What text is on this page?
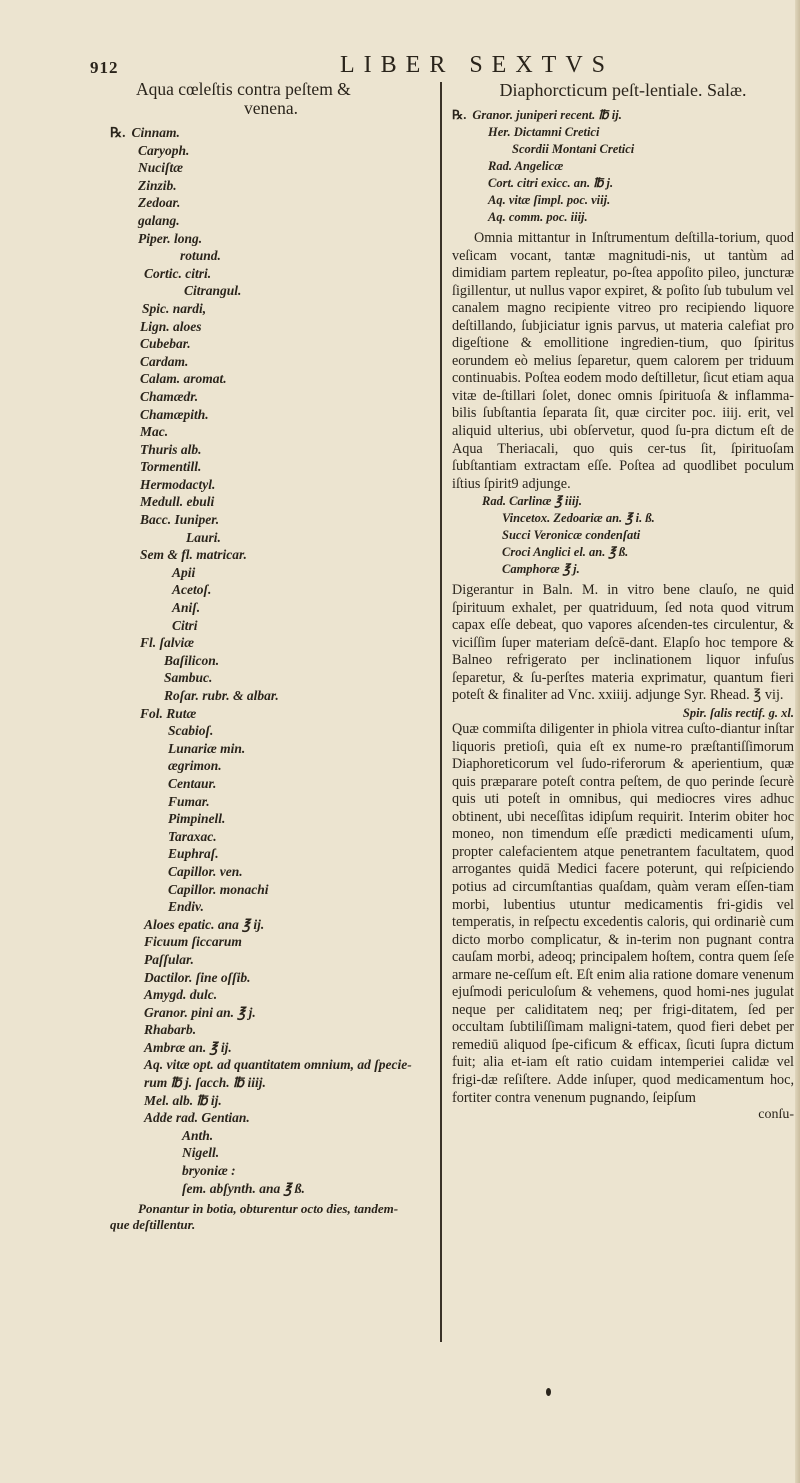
912	LIBER SEXTVS
Aqua cœleſtis contra peſtem &
venena.
℞. Cinnam.
Caryoph.
Nuciſtæ
Zinzib.
Zedoar.
galang.
Piper. long.
rotund.
Cortic. citri.
Citrangul.
Spic. nardi,
Lign. aloes
Cubebar.
Cardam.
Calam. aromat.
Chamædr.
Chamæpith.
Mac.
Thuris alb.
Tormentill.
Hermodactyl.
Medull. ebuli
Bacc. Iuniper.
Lauri.
Sem & fl. matricar.
Apii
Acetoſ.
Aniſ.
Citri
Fl. ſalviæ
Baſilicon.
Sambuc.
Roſar. rubr. & albar.
Fol. Rutæ
Scabioſ.
Lunariæ min.
ægrimon.
Centaur.
Fumar.
Pimpinell.
Taraxac.
Euphraſ.
Capillor. ven.
Capillor. monachi
Endiv.
Aloes epatic. ana ℥ ij.
Ficuum ſiccarum
Paſſular.
Dactilor. ſine oſſib.
Amygd. dulc.
Granor. pini an. ℥ j.
Rhabarb.
Ambræ an. ℥ ij.
Aq. vitæ opt. ad quantitatem omnium, ad ſpecie-
rum ℔ j. ſacch. ℔ iiij.
Mel. alb. ℔ ij.
Adde rad. Gentian.
Anth.
Nigell.
bryoniæ :
ſem. abſynth. ana ℥ ß.

Ponantur in botia, obturentur octo dies, tandem-
que deſtillentur.

Diaphorcticum peſt-lentiale. Salæ.

℞. Granor. juniperi recent. ℔ ij.
Her. Dictamni Cretici
Scordii Montani Cretici
Rad. Angelicæ
Cort. citri exicc. an. ℔ j.
Aq. vitæ ſimpl. poc. viij.
Aq. comm. poc. iiij.

Omnia mittantur in Inſtrumentum deſtilla-torium, quod veſicam vocant, tantæ magnitudi-nis, ut tantùm ad dimidiam partem repleatur, po-ſtea appoſito pileo, juncturæ ſigillentur, ut nullus vapor expiret, & poſito ſub tubulum vel canalem magno recipiente vitreo pro recipiendo liquore deſtillando, ſubjiciatur ignis parvus, ut materia calefiat pro digeſtione & emollitione ingredien-tium, quo ſpiritus eorundem eò melius ſeparetur, quem calorem per triduum continuabis. Poſtea eodem modo deſtilletur, ſicut etiam aqua vitæ de-ſtillari ſolet, donec omnis ſpirituoſa & inflamma-bilis ſubſtantia ſeparata ſit, quæ circiter poc. iiij. erit, vel aliquid ulterius, ubi obſervetur, quod ſu-pra dictum eſt de Aqua Theriacali, quo quis cer-tus ſit, ſpirituoſam ſubſtantiam extractam eſſe. Poſtea ad quodlibet poculum iſtius ſpirit9 adjunge.

Rad. Carlinæ ℥ iiij.
Vincetox. Zedoariæ an. ℥ i. ß.
Succi Veronicæ condenſati
Croci Anglici el. an. ℥ ß.
Camphoræ ℥ j.

Digerantur in Baln. M. in vitro bene clauſo, ne quid ſpirituum exhalet, per quatriduum, ſed nota quod vitrum capax eſſe debeat, quo vapores aſcenden-tes circulentur, & viciſſim ſuper materiam deſcē-dant. Elapſo hoc tempore & Balneo refrigerato per inclinationem liquor infuſus ſeparetur, & ſu-perſtes materia exprimatur, quantum fieri poteſt & finaliter ad Vnc. xxiiij. adjunge Syr. Rhead. ℥ vij.

Spir. ſalis rectif. g. xl.

Quæ commiſta diligenter in phiola vitrea cuſto-diantur inſtar liquoris pretioſi, quia eſt ex nume-ro præſtantiſſimorum Diaphoreticorum vel ſudo-riferorum & aperientium, quæ quis præparare poteſt contra peſtem, de quo perinde ſecurè quis uti poteſt in omnibus, qui mediocres vires adhuc obtinent, ubi neceſſitas idipſum requirit. Interim obiter hoc moneo, non timendum eſſe prædicti medicamenti uſum, propter calefacientem atque penetrantem facultatem, quod arrogantes quidā Medici facere poterunt, qui reſpiciendo potius ad circumſtantias quaſdam, quàm veram eſſen-tiam morbi, lubentius utuntur medicamentis fri-gidis vel temperatis, in reſpectu excedentis caloris, qui ordinariè cum dicto morbo complicatur, & in-terim non pugnant contra cauſam morbi, adeoq; principalem hoſtem, contra quem ſeſe armare ne-ceſſum eſt. Eſt enim alia ratione domare venenum ejuſmodi periculoſum & vehemens, quod homi-nes jugulat neque per caliditatem neq; per frigi-ditatem, ſed per occultam ſubtiliſſimam maligni-tatem, quod fieri debet per remediū aliquod ſpe-cificum & efficax, ſicuti ſupra dictum fuit; alia et-iam eſt ratio cuidam intemperiei calidæ vel frigi-dæ reſiſtere. Adde inſuper, quod medicamentum hoc, fortiter contra venenum pugnando, ſeipſum

conſu-
